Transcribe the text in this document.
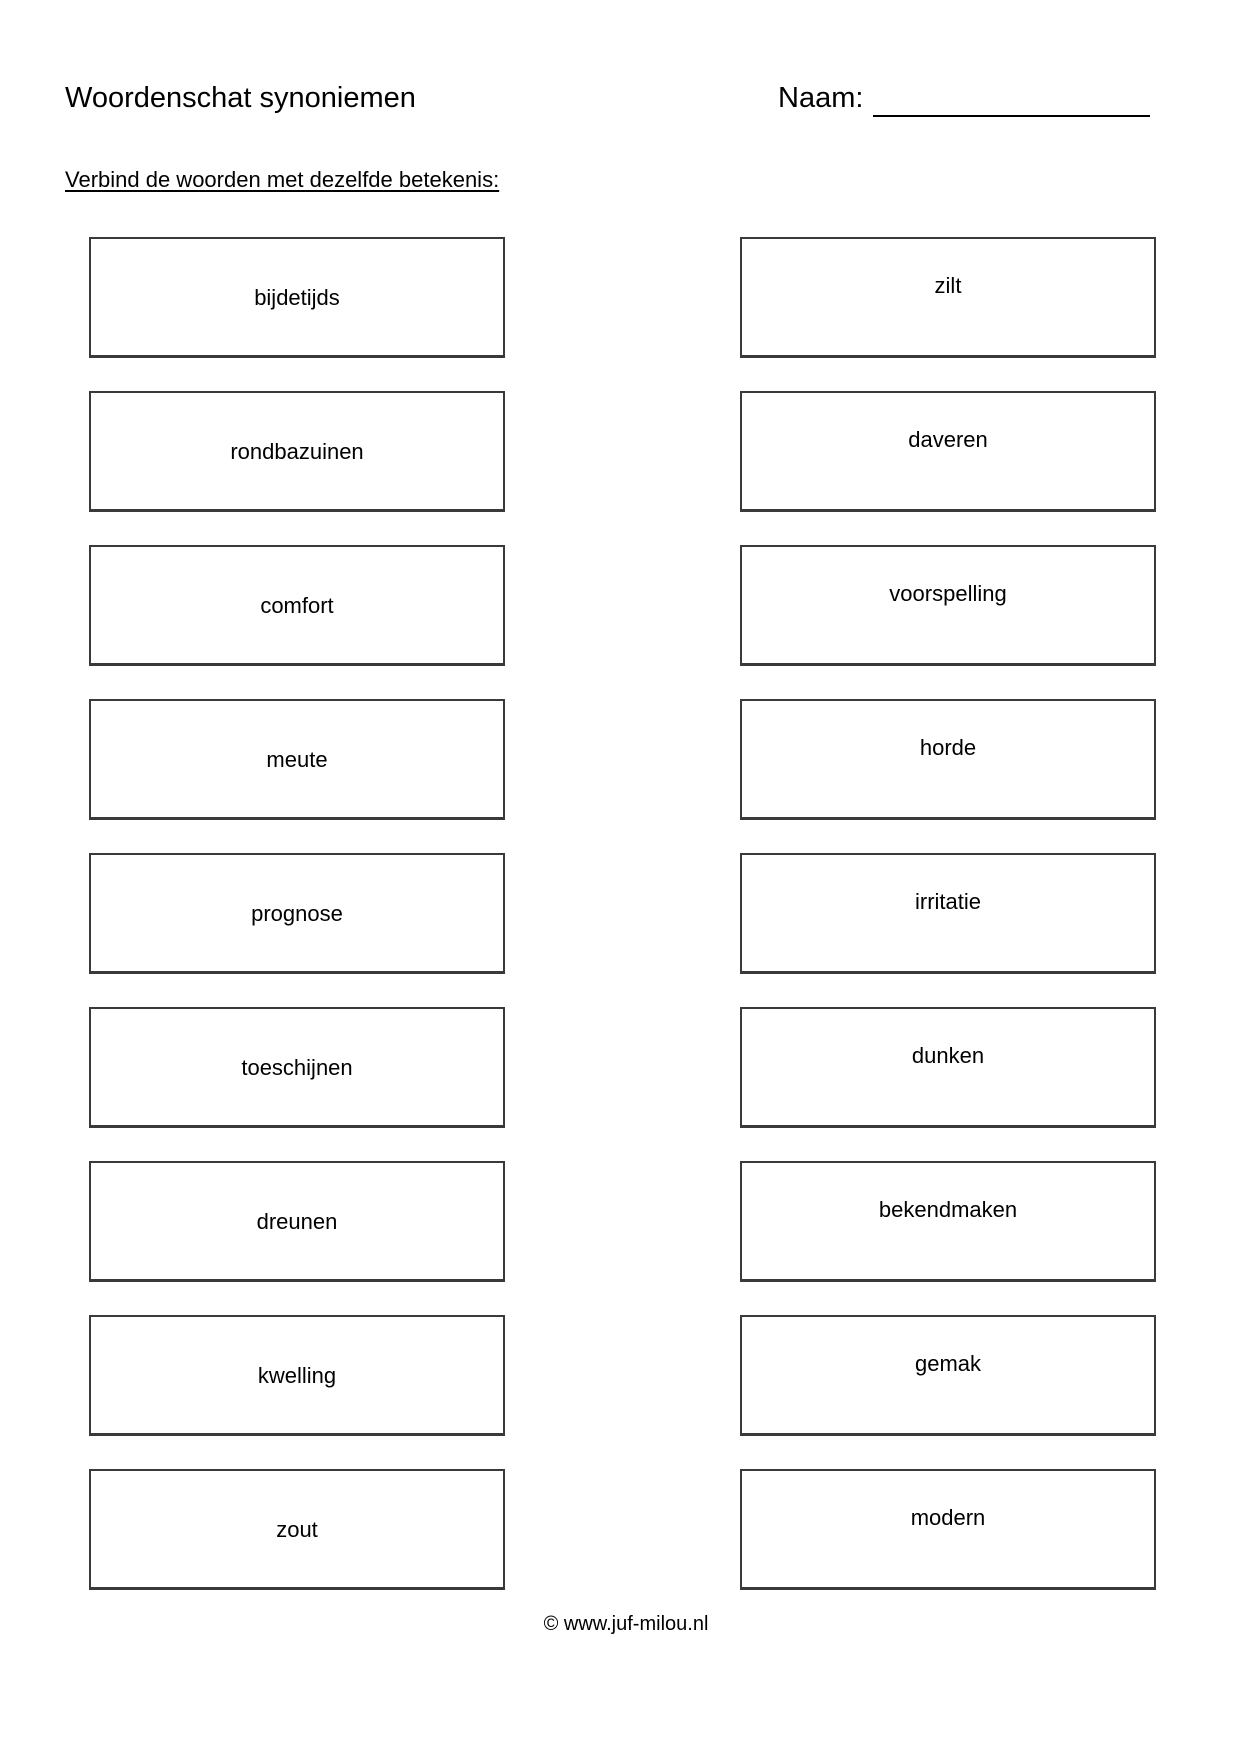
Woordenschat synoniemen	Naam:
Verbind de woorden met dezelfde betekenis:
bijdetijds
rondbazuinen
comfort
meute
prognose
toeschijnen
dreunen
kwelling
zout
zilt
daveren
voorspelling
horde
irritatie
dunken
bekendmaken
gemak
modern
© www.juf-milou.nl
